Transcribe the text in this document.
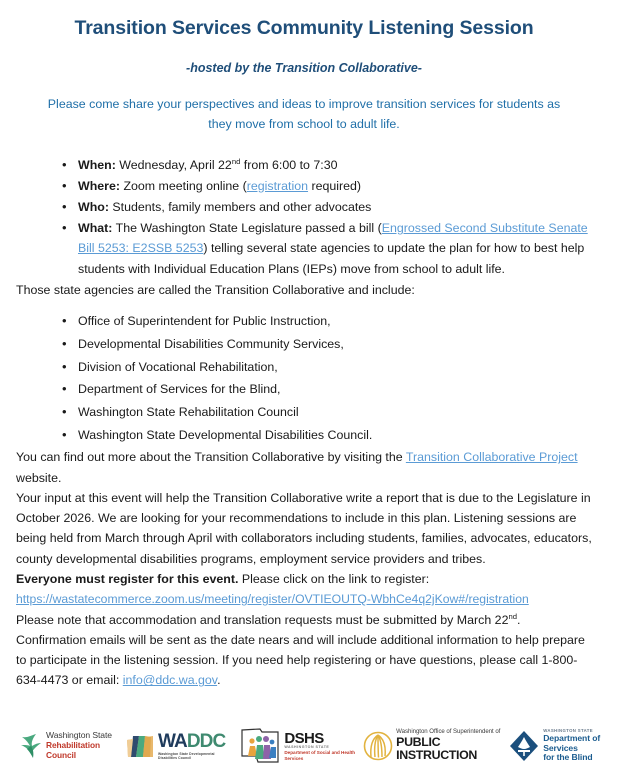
Transition Services Community Listening Session
-hosted by the Transition Collaborative-

Please come share your perspectives and ideas to improve transition services for students as they move from school to adult life.

• When: Wednesday, April 22nd from 6:00 to 7:30
• Where: Zoom meeting online (registration required)
• Who: Students, family members and other advocates
• What: The Washington State Legislature passed a bill (Engrossed Second Substitute Senate Bill 5253: E2SSB 5253) telling several state agencies to update the plan for how to best help students with Individual Education Plans (IEPs) move from school to adult life.

Those state agencies are called the Transition Collaborative and include:

• Office of Superintendent for Public Instruction,
• Developmental Disabilities Community Services,
• Division of Vocational Rehabilitation,
• Department of Services for the Blind,
• Washington State Rehabilitation Council
• Washington State Developmental Disabilities Council.

You can find out more about the Transition Collaborative by visiting the Transition Collaborative Project website.

Your input at this event will help the Transition Collaborative write a report that is due to the Legislature in October 2026. We are looking for your recommendations to include in this plan. Listening sessions are being held from March through April with collaborators including students, families, advocates, educators, county developmental disabilities programs, employment service providers and tribes.

Everyone must register for this event. Please click on the link to register:
https://wastatecommerce.zoom.us/meeting/register/OVTIEOUTQ-WbhCe4q2jKow#/registration

Please note that accommodation and translation requests must be submitted by March 22nd. Confirmation emails will be sent as the date nears and will include additional information to help prepare to participate in the listening session. If you need help registering or have questions, please call 1-800-634-4473 or email: info@ddc.wa.gov.

Washington State
Rehabilitation Council
WADDC
Washington State Developmental Disabilities Council
DSHS
WASHINGTON STATE
Department of Social and Health Services
Washington Office of Superintendent of
PUBLIC INSTRUCTION
WASHINGTON STATE
Department of Services
for the Blind
